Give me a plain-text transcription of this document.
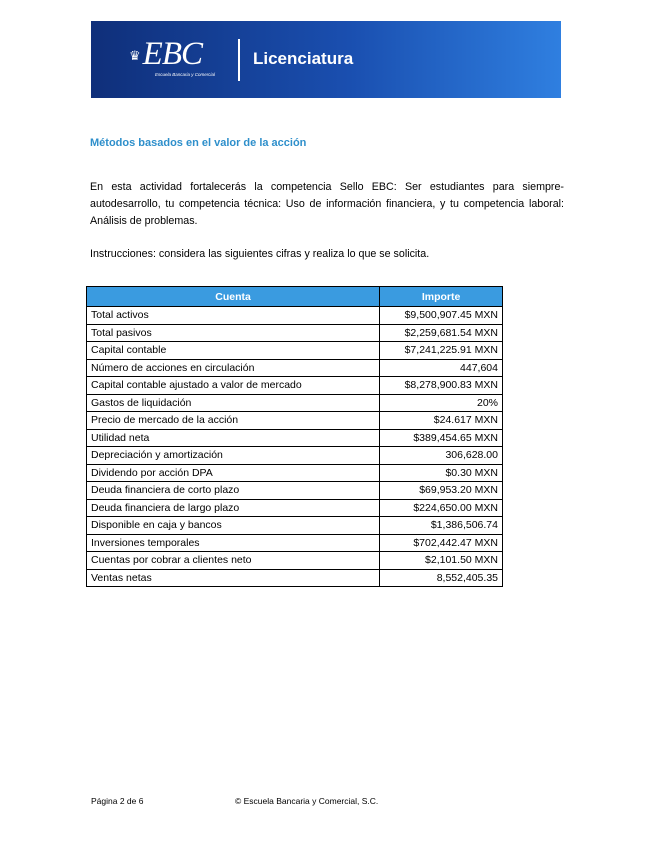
♛ EBC
Escuela Bancaria y Comercial
Licenciatura
Métodos basados en el valor de la acción
En esta actividad fortalecerás la competencia Sello EBC: Ser estudiantes para siempre-autodesarrollo, tu competencia técnica: Uso de información financiera, y tu competencia laboral: Análisis de problemas.
Instrucciones: considera las siguientes cifras y realiza lo que se solicita.
Cuenta	Importe
Total activos	$9,500,907.45 MXN
Total pasivos	$2,259,681.54 MXN
Capital contable	$7,241,225.91 MXN
Número de acciones en circulación	447,604
Capital contable ajustado a valor de mercado	$8,278,900.83 MXN
Gastos de liquidación	20%
Precio de mercado de la acción	$24.617 MXN
Utilidad neta	$389,454.65 MXN
Depreciación y amortización	306,628.00
Dividendo por acción DPA	$0.30 MXN
Deuda financiera de corto plazo	$69,953.20 MXN
Deuda financiera de largo plazo	$224,650.00 MXN
Disponible en caja y bancos	$1,386,506.74
Inversiones temporales	$702,442.47 MXN
Cuentas por cobrar a clientes neto	$2,101.50 MXN
Ventas netas	8,552,405.35
Página 2 de 6	© Escuela Bancaria y Comercial, S.C.
